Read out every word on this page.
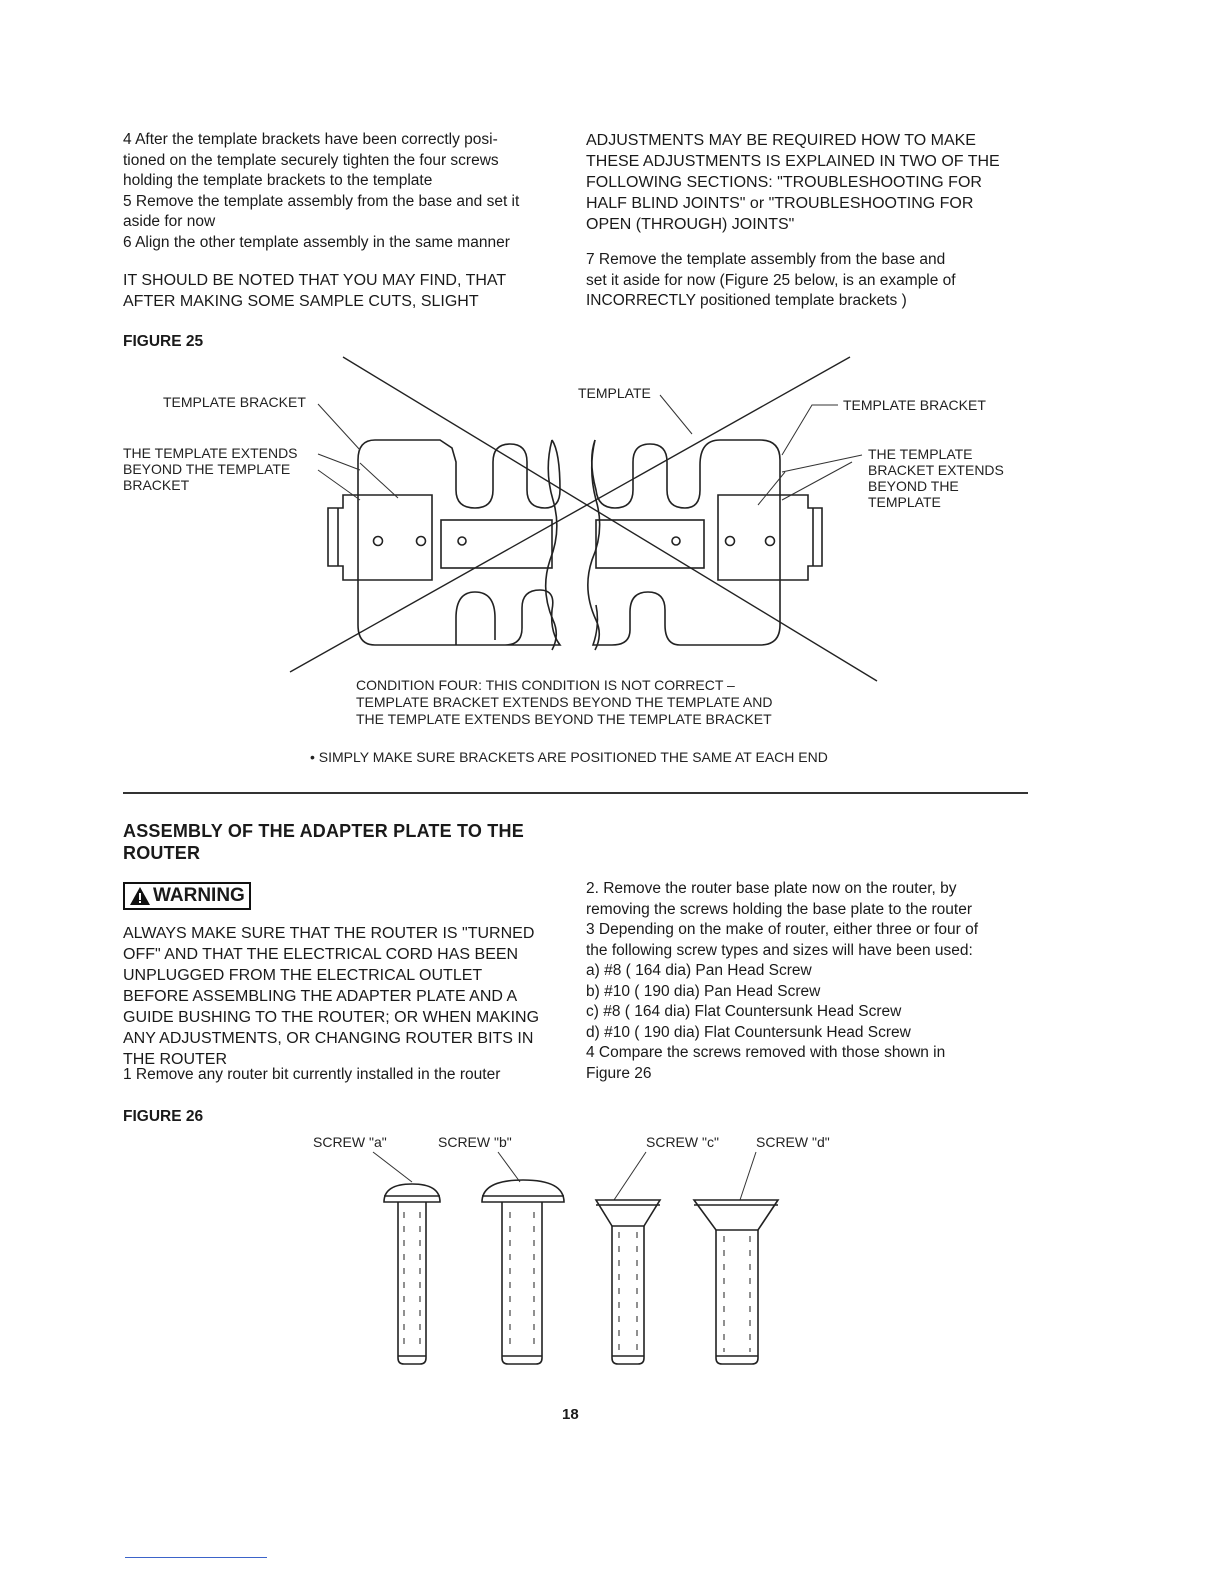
4 After the template brackets have been correctly posi-

tioned on the template securely tighten the four screws

holding the template brackets to the template

5 Remove the template assembly from the base and set it

aside for now

6 Align the other template assembly in the same manner

IT SHOULD BE NOTED THAT YOU MAY FIND, THAT

AFTER MAKING SOME SAMPLE CUTS, SLIGHT

ADJUSTMENTS MAY BE REQUIRED HOW TO MAKE

THESE ADJUSTMENTS IS EXPLAINED IN TWO OF THE

FOLLOWING SECTIONS: "TROUBLESHOOTING FOR

HALF BLIND JOINTS" or "TROUBLESHOOTING FOR

OPEN (THROUGH) JOINTS"

7 Remove the template assembly from the base and

set it aside for now (Figure 25 below, is an example of

INCORRECTLY positioned template brackets )

FIGURE 25
TEMPLATE BRACKET
TEMPLATE
TEMPLATE BRACKET
THE TEMPLATE EXTENDS
BEYOND THE TEMPLATE
BRACKET
THE TEMPLATE
BRACKET EXTENDS
BEYOND THE
TEMPLATE
CONDITION FOUR: THIS CONDITION IS NOT CORRECT –
TEMPLATE BRACKET EXTENDS BEYOND THE TEMPLATE AND
THE TEMPLATE EXTENDS BEYOND THE TEMPLATE BRACKET
• SIMPLY MAKE SURE BRACKETS ARE POSITIONED THE SAME AT EACH END
ASSEMBLY OF THE ADAPTER PLATE TO THE
ROUTER
WARNING

ALWAYS MAKE SURE THAT THE ROUTER IS "TURNED

OFF" AND THAT THE ELECTRICAL CORD HAS BEEN

UNPLUGGED FROM THE ELECTRICAL OUTLET

BEFORE ASSEMBLING THE ADAPTER PLATE AND A

GUIDE BUSHING TO THE ROUTER; OR WHEN MAKING

ANY ADJUSTMENTS, OR CHANGING ROUTER BITS IN

THE ROUTER

1 Remove any router bit currently installed in the router

2. Remove the router base plate now on the router, by

removing the screws holding the base plate to the router

3 Depending on the make of router, either three or four of

the following screw types and sizes will have been used:

a) #8 ( 164 dia) Pan Head Screw

b) #10 ( 190 dia) Pan Head Screw

c) #8 ( 164 dia) Flat Countersunk Head Screw

d) #10 ( 190 dia) Flat Countersunk Head Screw

4 Compare the screws removed with those shown in

Figure 26

FIGURE 26
SCREW "a"	SCREW "b"	SCREW "c"	SCREW "d"
18
